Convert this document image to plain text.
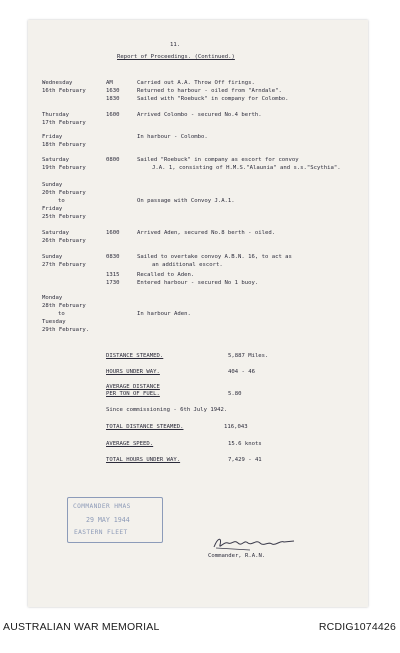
11.
Report of Proceedings. (Continued.)
Wednesday	AM	Carried out A.A. Throw Off firings.
16th February	1630	Returned to harbour - oiled from "Arndale".
1830	Sailed with "Roebuck" in company for Colombo.
Thursday	1600	Arrived Colombo - secured No.4 berth.
17th February
Friday	In harbour - Colombo.
18th February
Saturday	0800	Sailed "Roebuck" in company as escort for convoy
19th February	J.A. 1, consisting of H.M.S."Alaunia" and s.s."Scythia".
Sunday
20th February
to	On passage with Convoy J.A.1.
Friday
25th February
Saturday	1600	Arrived Aden, secured No.8 berth - oiled.
26th February
Sunday	0830	Sailed to overtake convoy A.B.N. 16, to act as
27th February	an additional escort.
1315	Recalled to Aden.
1730	Entered harbour - secured No 1 buoy.
Monday
28th February
to	In harbour Aden.
Tuesday
29th February.
DISTANCE STEAMED.	5,887 Miles.
HOURS UNDER WAY.	404 - 46
AVERAGE DISTANCE
PER TON OF FUEL.	5.80
Since commissioning - 6th July 1942.
TOTAL DISTANCE STEAMED.	116,043
AVERAGE SPEED.	15.6 knots
TOTAL HOURS UNDER WAY.	7,429 - 41
COMMANDER HMAS
29 MAY 1944
EASTERN FLEET
Commander, R.A.N.
AUSTRALIAN WAR MEMORIAL	RCDIG1074426
